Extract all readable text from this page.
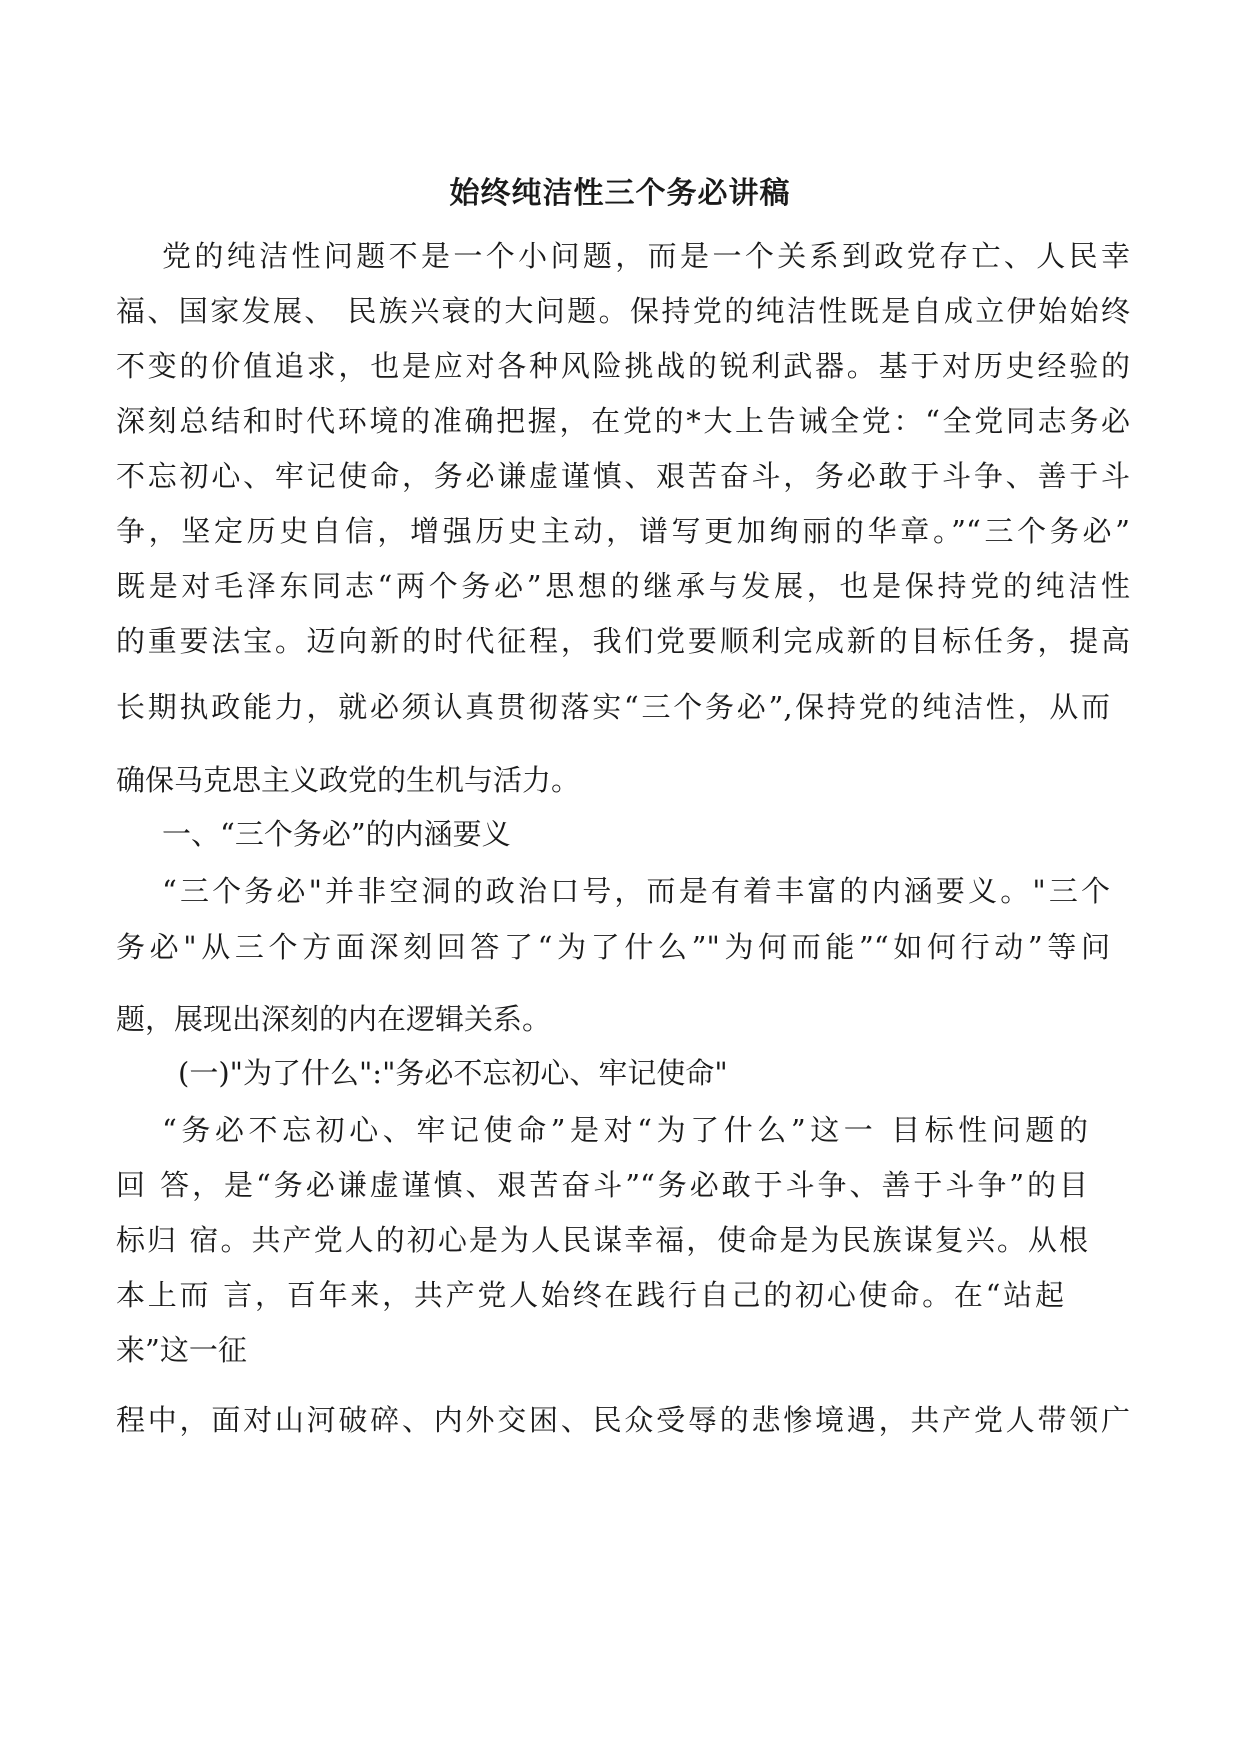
始终纯洁性三个务必讲稿
党的纯洁性问题不是一个小问题，而是一个关系到政党存亡、人民幸
福、国家发展、 民族兴衰的大问题。保持党的纯洁性既是自成立伊始始终
不变的价值追求，也是应对各种风险挑战的锐利武器。基于对历史经验的
深刻总结和时代环境的准确把握，在党的*大上告诫全党：“全党同志务必
不忘初心、牢记使命，务必谦虚谨慎、艰苦奋斗，务必敢于斗争、善于斗
争，坚定历史自信，增强历史主动，谱写更加绚丽的华章。”“三个务必”
既是对毛泽东同志“两个务必”思想的继承与发展，也是保持党的纯洁性
的重要法宝。迈向新的时代征程，我们党要顺利完成新的目标任务，提高
长期执政能力，就必须认真贯彻落实“三个务必”,保持党的纯洁性，从而
确保马克思主义政党的生机与活力。
一、“三个务必”的内涵要义
“三个务必"并非空洞的政治口号，而是有着丰富的内涵要义。"三个
务必"从三个方面深刻回答了“为了什么”"为何而能”“如何行动”等问
题，展现出深刻的内在逻辑关系。
(一)"为了什么":"务必不忘初心、牢记使命"
“务必不忘初心、牢记使命”是对“为了什么”这一 目标性问题的
回 答，是“务必谦虚谨慎、艰苦奋斗”“务必敢于斗争、善于斗争”的目
标归 宿。共产党人的初心是为人民谋幸福，使命是为民族谋复兴。从根
本上而 言，百年来，共产党人始终在践行自己的初心使命。在“站起
来”这一征
程中，面对山河破碎、内外交困、民众受辱的悲惨境遇，共产党人带领广
